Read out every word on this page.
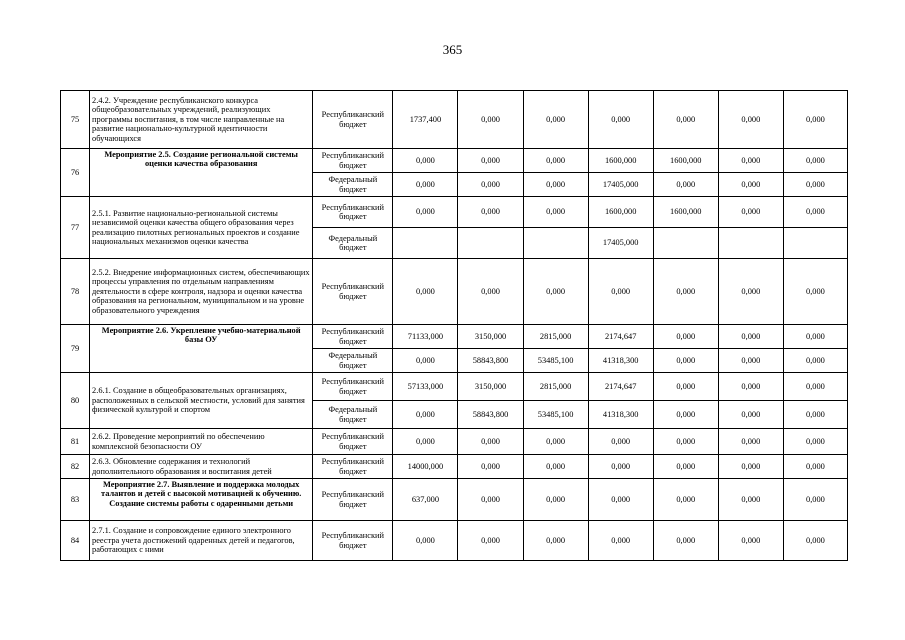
365
75	2.4.2. Учреждение республиканского конкурса общеобразовательных учреждений, реализующих программы воспитания, в том числе направленные на развитие национально-культурной идентичности обучающихся	Республиканский бюджет	1737,400	0,000	0,000	0,000	0,000	0,000	0,000
76	Мероприятие 2.5. Создание региональной системы оценки качества образования	Республиканский бюджет	0,000	0,000	0,000	1600,000	1600,000	0,000	0,000
		Федеральный бюджет	0,000	0,000	0,000	17405,000	0,000	0,000	0,000
77	2.5.1. Развитие национально-региональной системы независимой оценки качества общего образования через реализацию пилотных региональных проектов и создание национальных механизмов оценки качества	Республиканский бюджет	0,000	0,000	0,000	1600,000	1600,000	0,000	0,000
		Федеральный бюджет				17405,000			
78	2.5.2. Внедрение информационных систем, обеспечивающих процессы управления по отдельным направлениям деятельности в сфере контроля, надзора и оценки качества образования на региональном, муниципальном и на уровне образовательного учреждения	Республиканский бюджет	0,000	0,000	0,000	0,000	0,000	0,000	0,000
79	Мероприятие 2.6. Укрепление учебно-материальной базы ОУ	Республиканский бюджет	71133,000	3150,000	2815,000	2174,647	0,000	0,000	0,000
		Федеральный бюджет	0,000	58843,800	53485,100	41318,300	0,000	0,000	0,000
80	2.6.1. Создание в общеобразовательных организациях, расположенных в сельской местности, условий для занятия физической культурой и спортом	Республиканский бюджет	57133,000	3150,000	2815,000	2174,647	0,000	0,000	0,000
		Федеральный бюджет	0,000	58843,800	53485,100	41318,300	0,000	0,000	0,000
81	2.6.2. Проведение мероприятий по обеспечению комплексной безопасности ОУ	Республиканский бюджет	0,000	0,000	0,000	0,000	0,000	0,000	0,000
82	2.6.3. Обновление содержания и технологий дополнительного образования и воспитания детей	Республиканский бюджет	14000,000	0,000	0,000	0,000	0,000	0,000	0,000
83	Мероприятие 2.7. Выявление и поддержка молодых талантов и детей с высокой мотивацией к обучению. Создание системы работы с одаренными детьми	Республиканский бюджет	637,000	0,000	0,000	0,000	0,000	0,000	0,000
84	2.7.1. Создание и сопровождение единого электронного реестра учета достижений одаренных детей и педагогов, работающих с ними	Республиканский бюджет	0,000	0,000	0,000	0,000	0,000	0,000	0,000
